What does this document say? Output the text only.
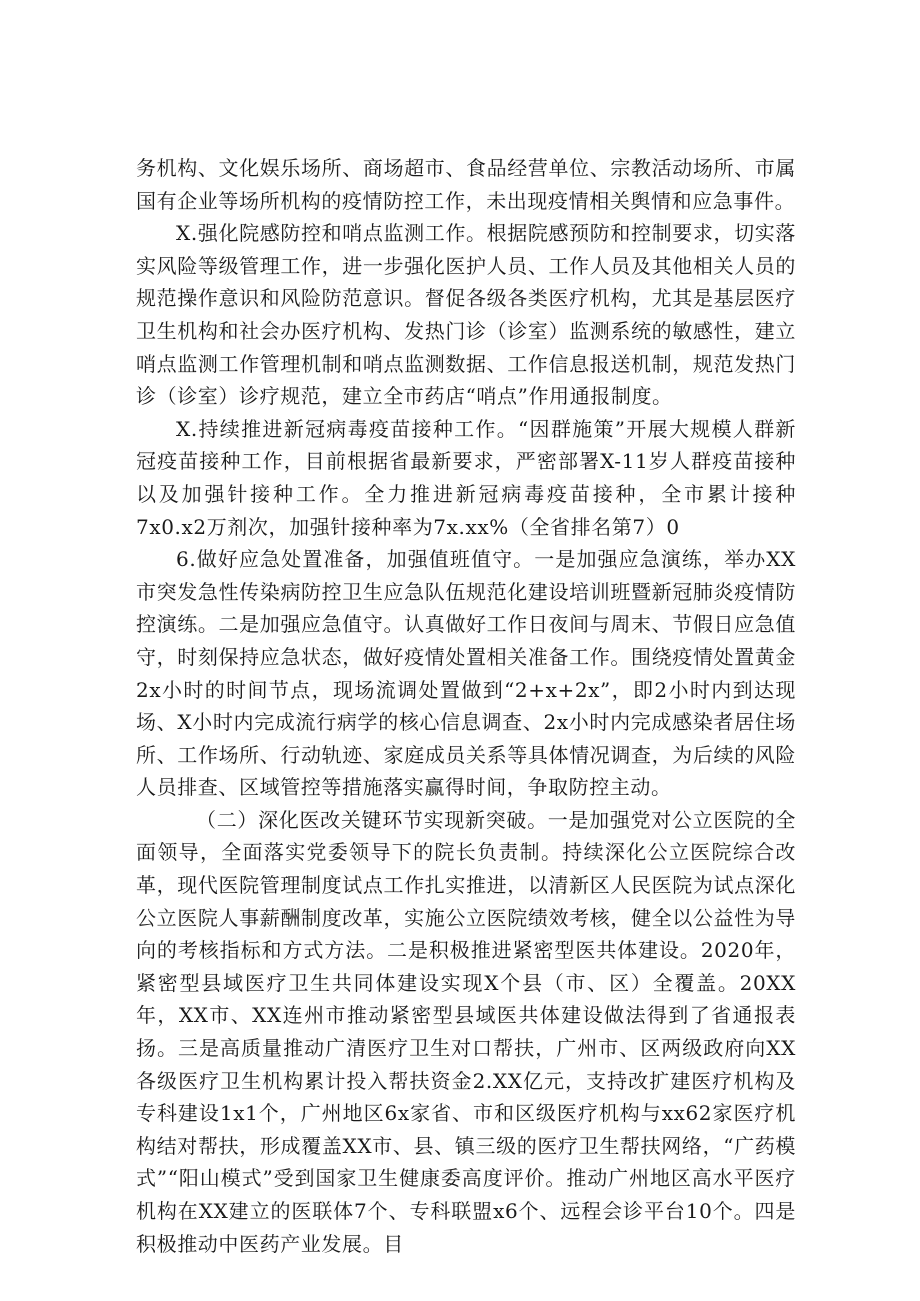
务机构、文化娱乐场所、商场超市、食品经营单位、宗教活动场所、市属国有企业等场所机构的疫情防控工作，未出现疫情相关舆情和应急事件。

X.强化院感防控和哨点监测工作。根据院感预防和控制要求，切实落实风险等级管理工作，进一步强化医护人员、工作人员及其他相关人员的规范操作意识和风险防范意识。督促各级各类医疗机构，尤其是基层医疗卫生机构和社会办医疗机构、发热门诊（诊室）监测系统的敏感性，建立哨点监测工作管理机制和哨点监测数据、工作信息报送机制，规范发热门诊（诊室）诊疗规范，建立全市药店“哨点”作用通报制度。

X.持续推进新冠病毒疫苗接种工作。“因群施策”开展大规模人群新冠疫苗接种工作，目前根据省最新要求，严密部署X-11岁人群疫苗接种以及加强针接种工作。全力推进新冠病毒疫苗接种，全市累计接种7x0.x2万剂次，加强针接种率为7x.xx%（全省排名第7）0

6.做好应急处置准备，加强值班值守。一是加强应急演练，举办XX市突发急性传染病防控卫生应急队伍规范化建设培训班暨新冠肺炎疫情防控演练。二是加强应急值守。认真做好工作日夜间与周末、节假日应急值守，时刻保持应急状态，做好疫情处置相关准备工作。围绕疫情处置黄金2x小时的时间节点，现场流调处置做到“2+x+2x”，即2小时内到达现场、X小时内完成流行病学的核心信息调查、2x小时内完成感染者居住场所、工作场所、行动轨迹、家庭成员关系等具体情况调查，为后续的风险人员排查、区域管控等措施落实赢得时间，争取防控主动。

（二）深化医改关键环节实现新突破。一是加强党对公立医院的全面领导，全面落实党委领导下的院长负责制。持续深化公立医院综合改革，现代医院管理制度试点工作扎实推进，以清新区人民医院为试点深化公立医院人事薪酬制度改革，实施公立医院绩效考核，健全以公益性为导向的考核指标和方式方法。二是积极推进紧密型医共体建设。2020年，紧密型县域医疗卫生共同体建设实现X个县（市、区）全覆盖。20XX年，XX市、XX连州市推动紧密型县域医共体建设做法得到了省通报表扬。三是高质量推动广清医疗卫生对口帮扶，广州市、区两级政府向XX各级医疗卫生机构累计投入帮扶资金2.XX亿元，支持改扩建医疗机构及专科建设1x1个，广州地区6x家省、市和区级医疗机构与xx62家医疗机构结对帮扶，形成覆盖XX市、县、镇三级的医疗卫生帮扶网络，“广药模式”“阳山模式”受到国家卫生健康委高度评价。推动广州地区高水平医疗机构在XX建立的医联体7个、专科联盟x6个、远程会诊平台10个。四是积极推动中医药产业发展。目
